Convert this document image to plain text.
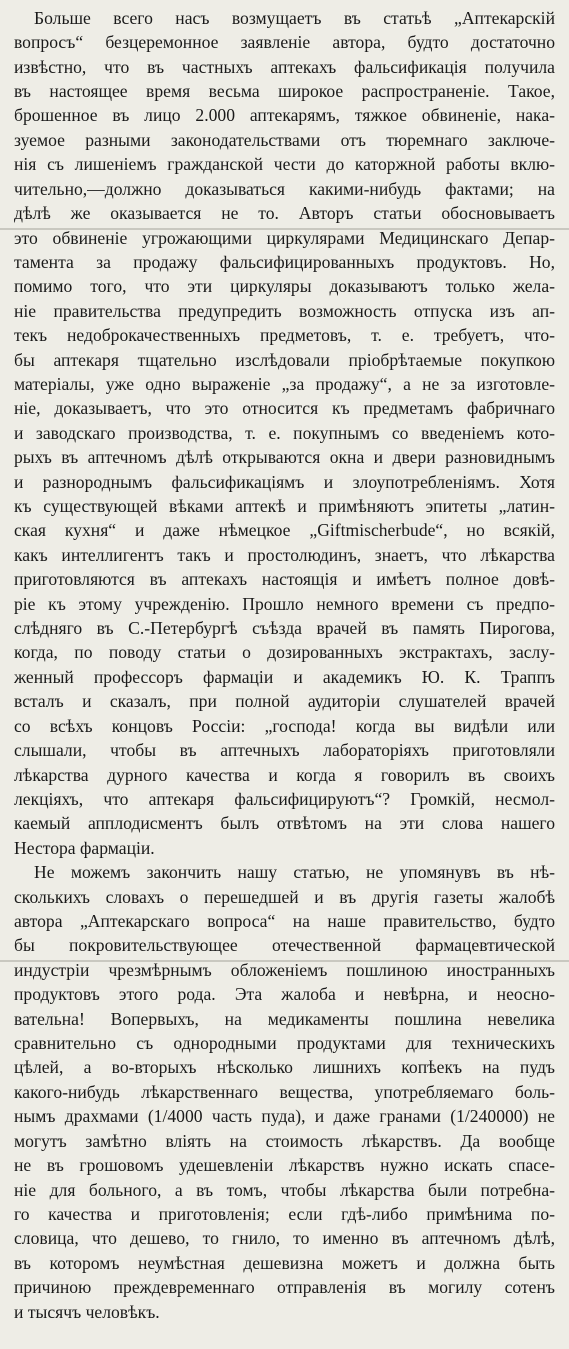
Больше всего насъ возмущаетъ въ статьѣ „Аптекарскій
вопросъ“ безцеремонное заявленіе автора, будто достаточно
извѣстно, что въ частныхъ аптекахъ фальсификація получила
въ настоящее время весьма широкое распространеніе. Такое,
брошенное въ лицо 2.000 аптекарямъ, тяжкое обвиненіе, нака-
зуемое разными законодательствами отъ тюремнаго заключе-
нія съ лишеніемъ гражданской чести до каторжной работы вклю-
чительно,—должно доказываться какими-нибудь фактами; на
дѣлѣ же оказывается не то. Авторъ статьи обосновываетъ
это обвиненіе угрожающими циркулярами Медицинскаго Депар-
тамента за продажу фальсифицированныхъ продуктовъ. Но,
помимо того, что эти циркуляры доказываютъ только желa-
ніе правительства предупредить возможность отпуска изъ ап-
текъ недоброкачественныхъ предметовъ, т. е. требуетъ, что-
бы аптекаря тщательно изслѣдовали пріобрѣтаемые покупкою
матеріалы, уже одно выраженіе „за продажу“, а не за изготовле-
ніе, доказываетъ, что это относится къ предметамъ фабричнаго
и заводскаго производства, т. е. покупнымъ со введеніемъ кото-
рыхъ въ аптечномъ дѣлѣ открываются окна и двери разновиднымъ
и разнороднымъ фальсификаціямъ и злоупотребленіямъ. Хотя
къ существующей вѣками аптекѣ и примѣняютъ эпитеты „латин-
ская кухня“ и даже нѣмецкое „Giftmischerbude“, но всякій,
какъ интеллигентъ такъ и простолюдинъ, знаетъ, что лѣкарства
приготовляются въ аптекахъ настоящія и имѣетъ полное довѣ-
ріе къ этому учрежденію. Прошло немного времени съ предпо-
слѣдняго въ С.-Петербургѣ съѣзда врачей въ память Пирогова,
когда, по поводу статьи о дозированныхъ экстрактахъ, заслу-
женный профессоръ фармаціи и академикъ Ю. К. Траппъ
всталъ и сказалъ, при полной аудиторіи слушателей врачей
со всѣхъ концовъ Россіи: „господа! когда вы видѣли или
слышали, чтобы въ аптечныхъ лабораторіяхъ приготовляли
лѣкарства дурного качества и когда я говорилъ въ своихъ
лекціяхъ, что аптекаря фальсифицируютъ“? Громкій, несмол-
каемый апплодисментъ былъ отвѣтомъ на эти слова нашего
Нестора фармаціи.
Не можемъ закончить нашу статью, не упомянувъ въ нѣ-
сколькихъ словахъ о перешедшей и въ другія газеты жалобѣ
автора „Аптекарскаго вопроса“ на наше правительство, будто
бы покровительствующее отечественной фармацевтической
индустріи чрезмѣрнымъ обложеніемъ пошлиною иностранныхъ
продуктовъ этого рода. Эта жалоба и невѣрна, и неосно-
вательна! Вопервыхъ, на медикаменты пошлина невелика
сравнительно съ однородными продуктами для техническихъ
цѣлей, а во-вторыхъ нѣсколько лишнихъ копѣекъ на пудъ
какого-нибудь лѣкарственнаго вещества, употребляемаго боль-
нымъ драхмами (1/4000 часть пуда), и даже гранами (1/240000) не
могутъ замѣтно вліять на стоимость лѣкарствъ. Да вообще
не въ грошовомъ удешевленіи лѣкарствъ нужно искать спасе-
ніе для больного, а въ томъ, чтобы лѣкарства были потребна-
го качества и приготовленія; если гдѣ-либо примѣнима по-
словица, что дешево, то гнило, то именно въ аптечномъ дѣлѣ,
въ которомъ неумѣстная дешевизна можетъ и должна быть
причиною преждевременнаго отправленія въ могилу сотенъ
и тысячъ человѣкъ.
